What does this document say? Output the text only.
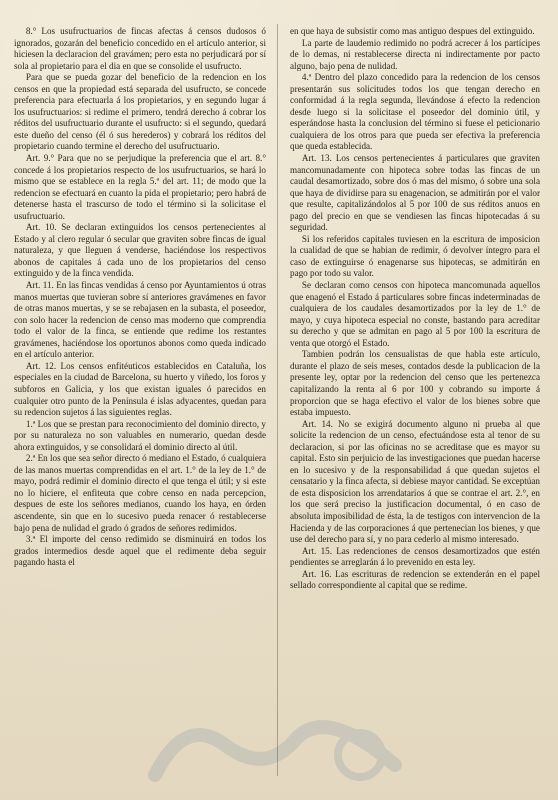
8.° Los usufructuarios de fincas afectas á censos dudosos ó ignorados, gozarán del beneficio concedido en el artículo anterior, si hiciesen la declaracion del gravámen; pero esta no perjudicará por sí sola al propietario para el dia en que se consolide el usufructo.

Para que se pueda gozar del beneficio de la redencion en los censos en que la propiedad está separada del usufructo, se concede preferencia para efectuarla á los propietarios, y en segundo lugar á los usufructuarios: si redime el primero, tendrá derecho á cobrar los réditos del usufructuario durante el usufructo: si el segundo, quedará este dueño del censo (él ó sus herederos) y cobrará los réditos del propietario cuando termine el derecho del usufructuario.

Art. 9.° Para que no se perjudique la preferencia que el art. 8.° concede á los propietarios respecto de los usufructuarios, se hará lo mismo que se establece en la regla 5.ª del art. 11; de modo que la redencion se efectuará en cuanto la pida el propietario; pero habrá de detenerse hasta el trascurso de todo el término si la solicitase el usufructuario.

Art. 10. Se declaran extinguidos los censos pertenecientes al Estado y al clero regular ó secular que graviten sobre fincas de igual naturaleza, y que lleguen á venderse, haciéndose los respectivos abonos de capitales á cada uno de los propietarios del censo extinguido y de la finca vendida.

Art. 11. En las fincas vendidas á censo por Ayuntamientos ú otras manos muertas que tuvieran sobre sí anteriores gravámenes en favor de otras manos muertas, y se se rebajasen en la subasta, el poseedor, con solo hacer la redencion de censo mas moderno que comprendia todo el valor de la finca, se entiende que redime los restantes gravámenes, haciéndose los oportunos abonos como queda indicado en el artículo anterior.

Art. 12. Los censos enfitéuticos establecidos en Cataluña, los especiales en la ciudad de Barcelona, su huerto y viñedo, los foros y subforos en Galicia, y los que existan iguales ó parecidos en cualquier otro punto de la Península é islas adyacentes, quedan para su redencion sujetos á las siguientes reglas.

1.ª Los que se prestan para reconocimiento del dominio directo, y por su naturaleza no son valuables en numerario, quedan desde ahora extinguidos, y se consolidará el dominio directo al útil.

2.ª En los que sea señor directo ó mediano el Estado, ó cualquiera de las manos muertas comprendidas en el art. 1.° de la ley de 1.° de mayo, podrá redimir el dominio directo el que tenga el útil; y si este no lo hiciere, el enfiteuta que cobre censo en nada percepcion, despues de este los señores medianos, cuando los haya, en órden ascendente, sin que en lo sucesivo pueda renacer ó restablecerse bajo pena de nulidad el grado ó grados de señores redimidos.

3.ª El importe del censo redimido se disminuirá en todos los grados intermedios desde aquel que el redimente deba seguir pagando hasta el

en que haya de subsistir como mas antiguo despues del extinguido.

La parte de laudemio redimido no podrá acrecer á los partícipes de lo demas, ni restablecerse directa ni indirectamente por pacto alguno, bajo pena de nulidad.

4.ª Dentro del plazo concedido para la redencion de los censos presentarán sus solicitudes todos los que tengan derecho en conformidad á la regla segunda, llevándose á efecto la redencion desde luego si la solicitase el poseedor del dominio útil, y esperándose hasta la conclusion del término si fuese el peticionario cualquiera de los otros para que pueda ser efectiva la preferencia que queda establecida.

Art. 13. Los censos pertenecientes á particulares que graviten mancomunadamente con hipoteca sobre todas las fincas de un caudal desamortizado, sobre dos ó mas del mismo, ó sobre una sola que haya de dividirse para su enagenacion, se admitirán por el valor que resulte, capitalizándolos al 5 por 100 de sus réditos anuos en pago del precio en que se vendiesen las fincas hipotecadas á su seguridad.

Si los referidos capitales tuviesen en la escritura de imposicion la cualidad de que se habian de redimir, ó devolver íntegro para el caso de extinguirse ó enagenarse sus hipotecas, se admitirán en pago por todo su valor.

Se declaran como censos con hipoteca mancomunada aquellos que enagenó el Estado á particulares sobre fincas indeterminadas de cualquiera de los caudales desamortizados por la ley de 1.° de mayo, y cuya hipoteca especial no conste, bastando para acreditar su derecho y que se admitan en pago al 5 por 100 la escritura de venta que otorgó el Estado.

Tambien podrán los censualistas de que habla este artículo, durante el plazo de seis meses, contados desde la publicacion de la presente ley, optar por la redencion del censo que les pertenezca capitalizando la renta al 6 por 100 y cobrando su importe á proporcion que se haga efectivo el valor de los bienes sobre que estaba impuesto.

Art. 14. No se exigirá documento alguno ni prueba al que solicite la redencion de un censo, efectuándose esta al tenor de su declaracion, si por las oficinas no se acreditase que es mayor su capital. Esto sin perjuicio de las investigaciones que puedan hacerse en lo sucesivo y de la responsabilidad á que quedan sujetos el censatario y la finca afecta, si debiese mayor cantidad. Se exceptúan de esta disposicion los arrendatarios á que se contrae el art. 2.°, en los que será preciso la justificacion documental, ó en caso de absoluta imposibilidad de ésta, la de testigos con intervencion de la Hacienda y de las corporaciones á que pertenecian los bienes, y que use del derecho para sí, y no para cederlo al mismo interesado.

Art. 15. Las redenciones de censos desamortizados que estén pendientes se arreglarán á lo prevenido en esta ley.

Art. 16. Las escrituras de redencion se extenderán en el papel sellado correspondiente al capital que se redime.
